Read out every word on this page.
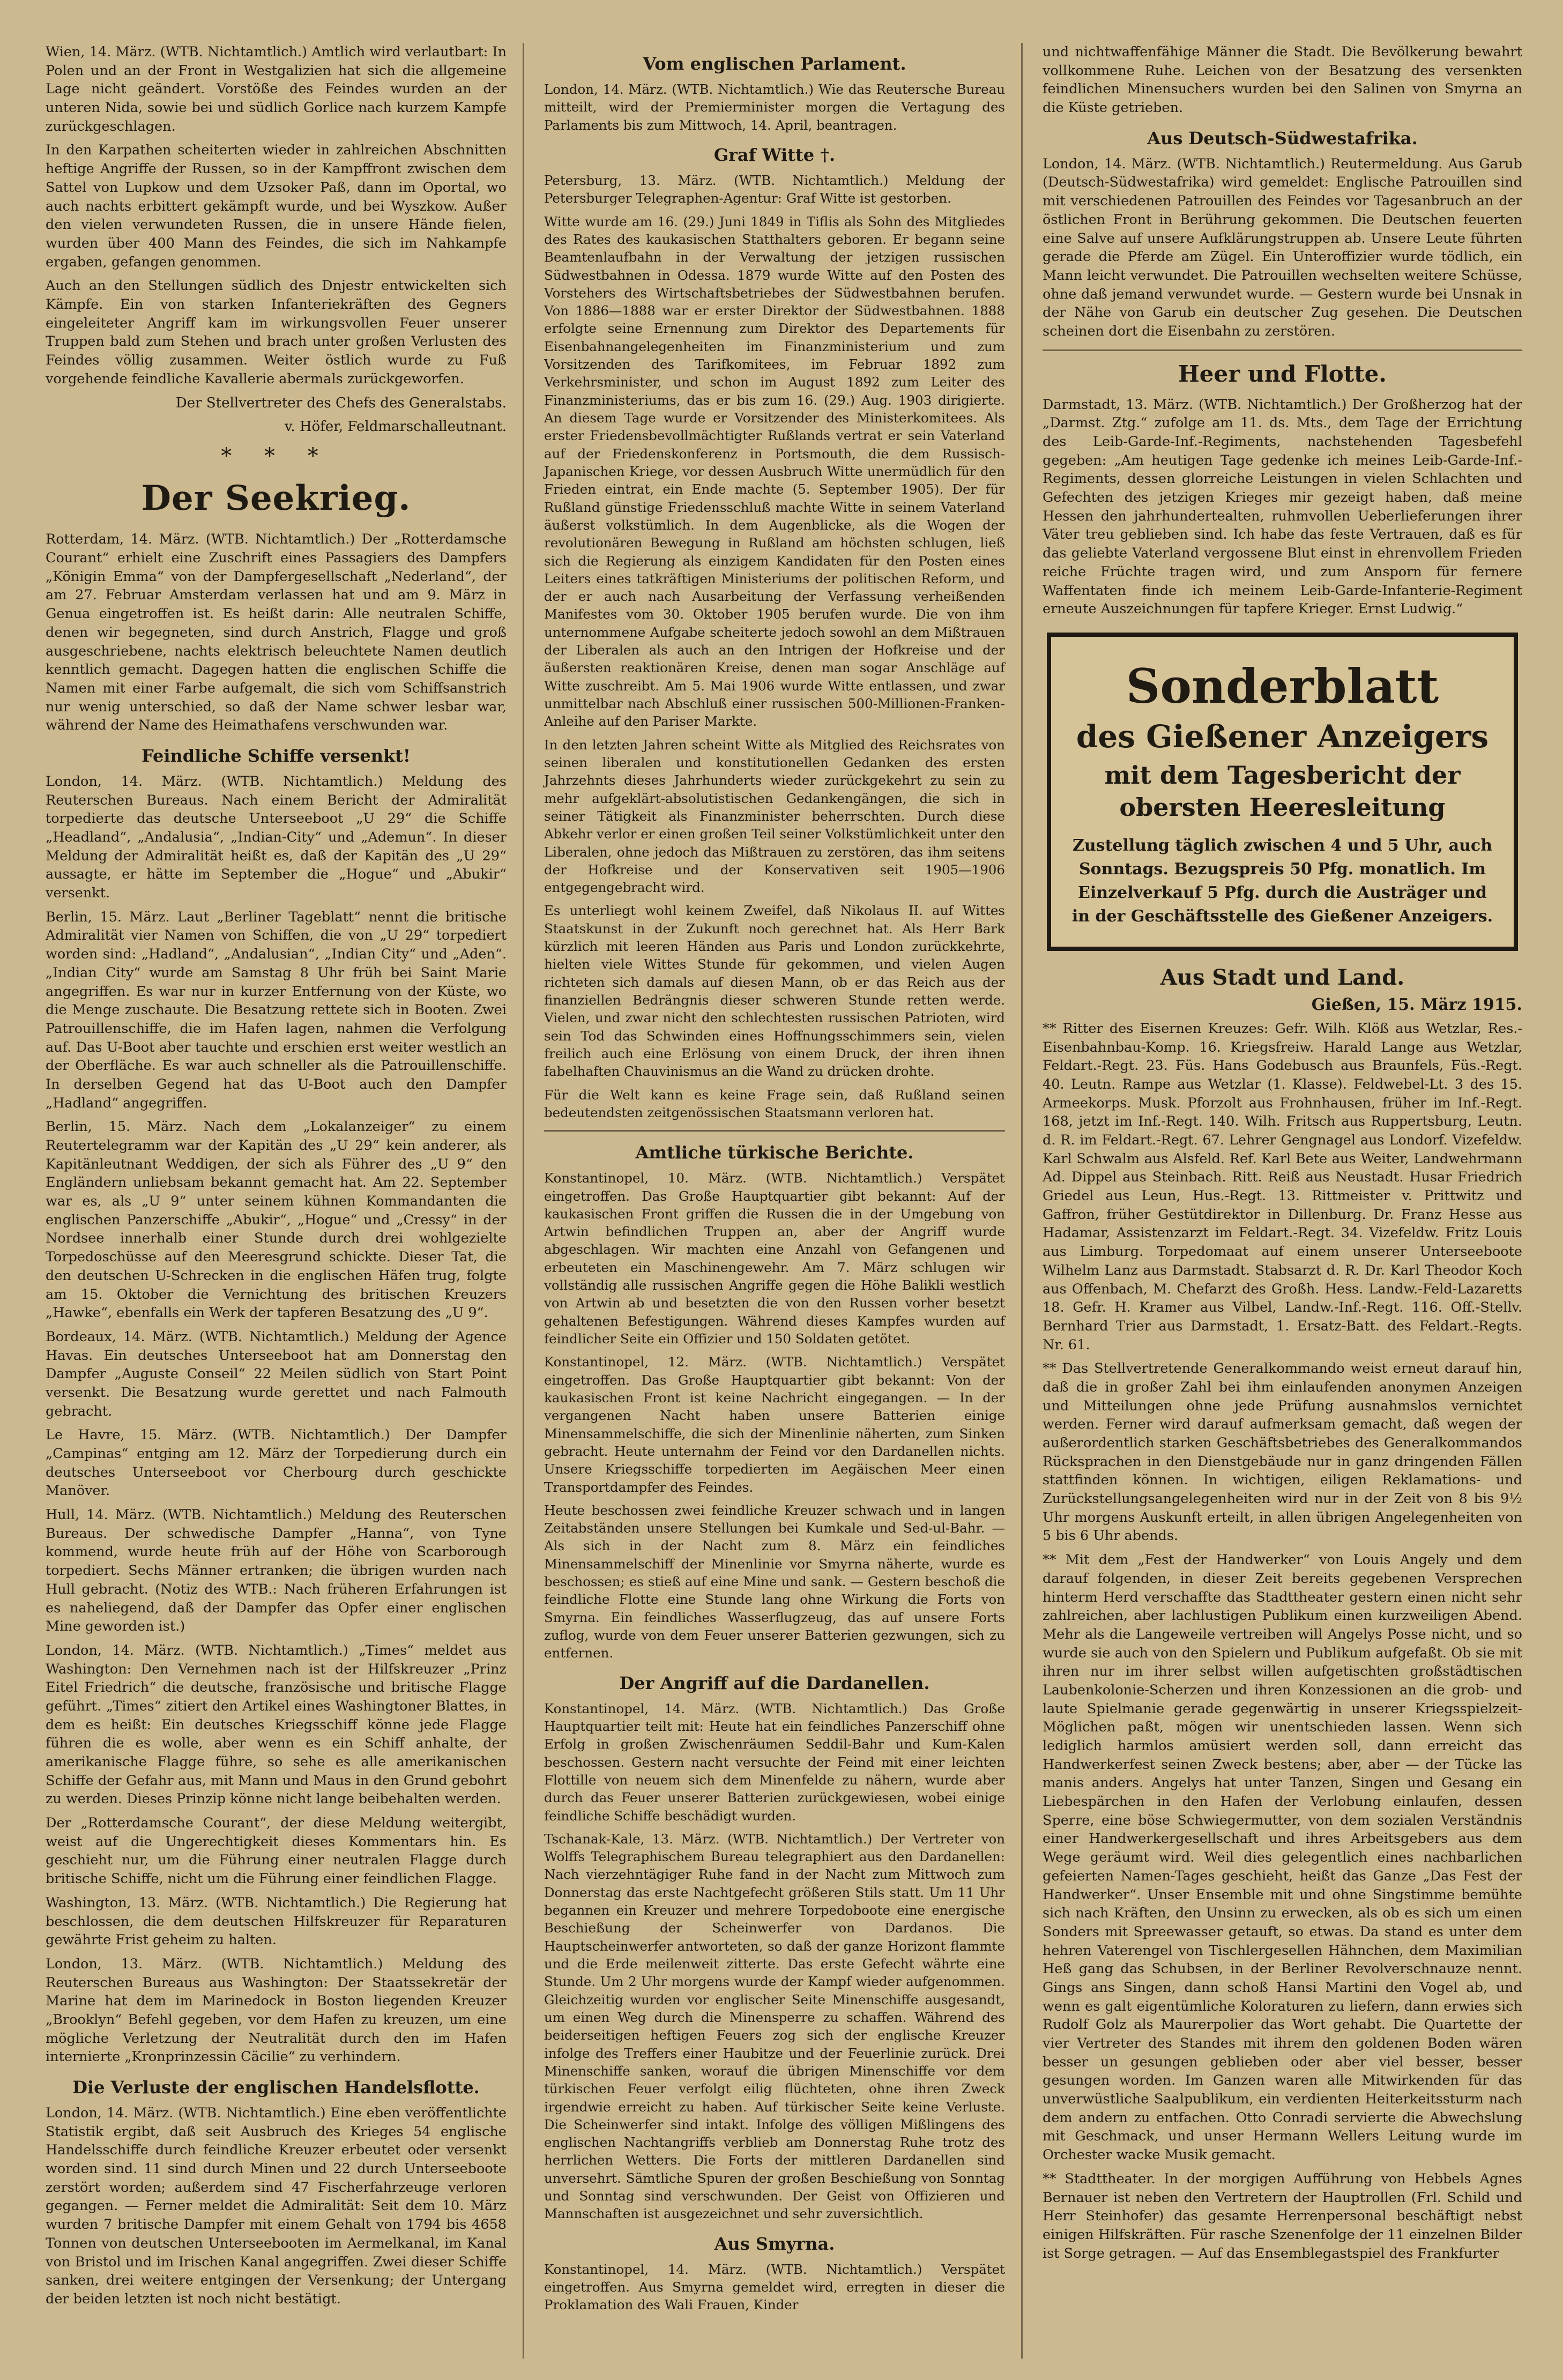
Wien, 14. März. (WTB. Nichtamtlich.) Amtlich wird verlautbart: In Polen und an der Front in Westgalizien hat sich die allgemeine Lage nicht geändert. Vorstöße des Feindes wurden an der unteren Nida, sowie bei und südlich Gorlice nach kurzem Kampfe zurückgeschlagen.

In den Karpathen scheiterten wieder in zahlreichen Abschnitten heftige Angriffe der Russen, so in der Kampffront zwischen dem Sattel von Lupkow und dem Uzsoker Paß, dann im Oportal, wo auch nachts erbittert gekämpft wurde, und bei Wyszkow. Außer den vielen verwundeten Russen, die in unsere Hände fielen, wurden über 400 Mann des Feindes, die sich im Nahkampfe ergaben, gefangen genommen.

Auch an den Stellungen südlich des Dnjestr entwickelten sich Kämpfe. Ein von starken Infanteriekräften des Gegners eingeleiteter Angriff kam im wirkungsvollen Feuer unserer Truppen bald zum Stehen und brach unter großen Verlusten des Feindes völlig zusammen. Weiter östlich wurde zu Fuß vorgehende feindliche Kavallerie abermals zurückgeworfen.

Der Stellvertreter des Chefs des Generalstabs.
v. Höfer, Feldmarschalleutnant.
* * *
Der Seekrieg.

Rotterdam, 14. März. (WTB. Nichtamtlich.) Der „Rotterdamsche Courant“ erhielt eine Zuschrift eines Passagiers des Dampfers „Königin Emma“ von der Dampfergesellschaft „Nederland“, der am 27. Februar Amsterdam verlassen hat und am 9. März in Genua eingetroffen ist. Es heißt darin: Alle neutralen Schiffe, denen wir begegneten, sind durch Anstrich, Flagge und groß ausgeschriebene, nachts elektrisch beleuchtete Namen deutlich kenntlich gemacht. Dagegen hatten die englischen Schiffe die Namen mit einer Farbe aufgemalt, die sich vom Schiffsanstrich nur wenig unterschied, so daß der Name schwer lesbar war, während der Name des Heimathafens verschwunden war.

Feindliche Schiffe versenkt!

London, 14. März. (WTB. Nichtamtlich.) Meldung des Reuterschen Bureaus. Nach einem Bericht der Admiralität torpedierte das deutsche Unterseeboot „U 29“ die Schiffe „Headland“, „Andalusia“, „Indian-City“ und „Ademun“. In dieser Meldung der Admiralität heißt es, daß der Kapitän des „U 29“ aussagte, er hätte im September die „Hogue“ und „Abukir“ versenkt.

Berlin, 15. März. Laut „Berliner Tageblatt“ nennt die britische Admiralität vier Namen von Schiffen, die von „U 29“ torpediert worden sind: „Hadland“, „Andalusian“, „Indian City“ und „Aden“. „Indian City“ wurde am Samstag 8 Uhr früh bei Saint Marie angegriffen. Es war nur in kurzer Entfernung von der Küste, wo die Menge zuschaute. Die Besatzung rettete sich in Booten. Zwei Patrouillenschiffe, die im Hafen lagen, nahmen die Verfolgung auf. Das U-Boot aber tauchte und erschien erst weiter westlich an der Oberfläche. Es war auch schneller als die Patrouillenschiffe. In derselben Gegend hat das U-Boot auch den Dampfer „Hadland“ angegriffen.

Berlin, 15. März. Nach dem „Lokalanzeiger“ zu einem Reutertelegramm war der Kapitän des „U 29“ kein anderer, als Kapitänleutnant Weddigen, der sich als Führer des „U 9“ den Engländern unliebsam bekannt gemacht hat. Am 22. September war es, als „U 9“ unter seinem kühnen Kommandanten die englischen Panzerschiffe „Abukir“, „Hogue“ und „Cressy“ in der Nordsee innerhalb einer Stunde durch drei wohlgezielte Torpedoschüsse auf den Meeresgrund schickte. Dieser Tat, die den deutschen U-Schrecken in die englischen Häfen trug, folgte am 15. Oktober die Vernichtung des britischen Kreuzers „Hawke“, ebenfalls ein Werk der tapferen Besatzung des „U 9“.

Bordeaux, 14. März. (WTB. Nichtamtlich.) Meldung der Agence Havas. Ein deutsches Unterseeboot hat am Donnerstag den Dampfer „Auguste Conseil“ 22 Meilen südlich von Start Point versenkt. Die Besatzung wurde gerettet und nach Falmouth gebracht.

Le Havre, 15. März. (WTB. Nichtamtlich.) Der Dampfer „Campinas“ entging am 12. März der Torpedierung durch ein deutsches Unterseeboot vor Cherbourg durch geschickte Manöver.

Hull, 14. März. (WTB. Nichtamtlich.) Meldung des Reuterschen Bureaus. Der schwedische Dampfer „Hanna“, von Tyne kommend, wurde heute früh auf der Höhe von Scarborough torpediert. Sechs Männer ertranken; die übrigen wurden nach Hull gebracht. (Notiz des WTB.: Nach früheren Erfahrungen ist es naheliegend, daß der Dampfer das Opfer einer englischen Mine geworden ist.)

London, 14. März. (WTB. Nichtamtlich.) „Times“ meldet aus Washington: Den Vernehmen nach ist der Hilfskreuzer „Prinz Eitel Friedrich“ die deutsche, französische und britische Flagge geführt. „Times“ zitiert den Artikel eines Washingtoner Blattes, in dem es heißt: Ein deutsches Kriegsschiff könne jede Flagge führen die es wolle, aber wenn es ein Schiff anhalte, der amerikanische Flagge führe, so sehe es alle amerikanischen Schiffe der Gefahr aus, mit Mann und Maus in den Grund gebohrt zu werden. Dieses Prinzip könne nicht lange beibehalten werden.

Der „Rotterdamsche Courant“, der diese Meldung weitergibt, weist auf die Ungerechtigkeit dieses Kommentars hin. Es geschieht nur, um die Führung einer neutralen Flagge durch britische Schiffe, nicht um die Führung einer feindlichen Flagge.

Washington, 13. März. (WTB. Nichtamtlich.) Die Regierung hat beschlossen, die dem deutschen Hilfskreuzer für Reparaturen gewährte Frist geheim zu halten.

London, 13. März. (WTB. Nichtamtlich.) Meldung des Reuterschen Bureaus aus Washington: Der Staatssekretär der Marine hat dem im Marinedock in Boston liegenden Kreuzer „Brooklyn“ Befehl gegeben, vor dem Hafen zu kreuzen, um eine mögliche Verletzung der Neutralität durch den im Hafen internierte „Kronprinzessin Cäcilie“ zu verhindern.

Die Verluste der englischen Handelsflotte.

London, 14. März. (WTB. Nichtamtlich.) Eine eben veröffentlichte Statistik ergibt, daß seit Ausbruch des Krieges 54 englische Handelsschiffe durch feindliche Kreuzer erbeutet oder versenkt worden sind. 11 sind durch Minen und 22 durch Unterseeboote zerstört worden; außerdem sind 47 Fischerfahrzeuge verloren gegangen. — Ferner meldet die Admiralität: Seit dem 10. März wurden 7 britische Dampfer mit einem Gehalt von 1794 bis 4658 Tonnen von deutschen Unterseebooten im Aermelkanal, im Kanal von Bristol und im Irischen Kanal angegriffen. Zwei dieser Schiffe sanken, drei weitere entgingen der Versenkung; der Untergang der beiden letzten ist noch nicht bestätigt.

Vom englischen Parlament.

London, 14. März. (WTB. Nichtamtlich.) Wie das Reutersche Bureau mitteilt, wird der Premierminister morgen die Vertagung des Parlaments bis zum Mittwoch, 14. April, beantragen.

Graf Witte †.

Petersburg, 13. März. (WTB. Nichtamtlich.) Meldung der Petersburger Telegraphen-Agentur: Graf Witte ist gestorben.

Witte wurde am 16. (29.) Juni 1849 in Tiflis als Sohn des Mitgliedes des Rates des kaukasischen Statthalters geboren. Er begann seine Beamtenlaufbahn in der Verwaltung der jetzigen russischen Südwestbahnen in Odessa. 1879 wurde Witte auf den Posten des Vorstehers des Wirtschaftsbetriebes der Südwestbahnen berufen. Von 1886—1888 war er erster Direktor der Südwestbahnen. 1888 erfolgte seine Ernennung zum Direktor des Departements für Eisenbahnangelegenheiten im Finanzministerium und zum Vorsitzenden des Tarifkomitees, im Februar 1892 zum Verkehrsminister, und schon im August 1892 zum Leiter des Finanzministeriums, das er bis zum 16. (29.) Aug. 1903 dirigierte. An diesem Tage wurde er Vorsitzender des Ministerkomitees. Als erster Friedensbevollmächtigter Rußlands vertrat er sein Vaterland auf der Friedenskonferenz in Portsmouth, die dem Russisch-Japanischen Kriege, vor dessen Ausbruch Witte unermüdlich für den Frieden eintrat, ein Ende machte (5. September 1905). Der für Rußland günstige Friedensschluß machte Witte in seinem Vaterland äußerst volkstümlich. In dem Augenblicke, als die Wogen der revolutionären Bewegung in Rußland am höchsten schlugen, ließ sich die Regierung als einzigem Kandidaten für den Posten eines Leiters eines tatkräftigen Ministeriums der politischen Reform, und der er auch nach Ausarbeitung der Verfassung verheißenden Manifestes vom 30. Oktober 1905 berufen wurde. Die von ihm unternommene Aufgabe scheiterte jedoch sowohl an dem Mißtrauen der Liberalen als auch an den Intrigen der Hofkreise und der äußersten reaktionären Kreise, denen man sogar Anschläge auf Witte zuschreibt. Am 5. Mai 1906 wurde Witte entlassen, und zwar unmittelbar nach Abschluß einer russischen 500-Millionen-Franken-Anleihe auf den Pariser Markte.

In den letzten Jahren scheint Witte als Mitglied des Reichsrates von seinen liberalen und konstitutionellen Gedanken des ersten Jahrzehnts dieses Jahrhunderts wieder zurückgekehrt zu sein zu mehr aufgeklärt-absolutistischen Gedankengängen, die sich in seiner Tätigkeit als Finanzminister beherrschten. Durch diese Abkehr verlor er einen großen Teil seiner Volkstümlichkeit unter den Liberalen, ohne jedoch das Mißtrauen zu zerstören, das ihm seitens der Hofkreise und der Konservativen seit 1905—1906 entgegengebracht wird.

Es unterliegt wohl keinem Zweifel, daß Nikolaus II. auf Wittes Staatskunst in der Zukunft noch gerechnet hat. Als Herr Bark kürzlich mit leeren Händen aus Paris und London zurückkehrte, hielten viele Wittes Stunde für gekommen, und vielen Augen richteten sich damals auf diesen Mann, ob er das Reich aus der finanziellen Bedrängnis dieser schweren Stunde retten werde. Vielen, und zwar nicht den schlechtesten russischen Patrioten, wird sein Tod das Schwinden eines Hoffnungsschimmers sein, vielen freilich auch eine Erlösung von einem Druck, der ihren ihnen fabelhaften Chauvinismus an die Wand zu drücken drohte.

Für die Welt kann es keine Frage sein, daß Rußland seinen bedeutendsten zeitgenössischen Staatsmann verloren hat.

Amtliche türkische Berichte.

Konstantinopel, 10. März. (WTB. Nichtamtlich.) Verspätet eingetroffen. Das Große Hauptquartier gibt bekannt: Auf der kaukasischen Front griffen die Russen die in der Umgebung von Artwin befindlichen Truppen an, aber der Angriff wurde abgeschlagen. Wir machten eine Anzahl von Gefangenen und erbeuteten ein Maschinengewehr. Am 7. März schlugen wir vollständig alle russischen Angriffe gegen die Höhe Balikli westlich von Artwin ab und besetzten die von den Russen vorher besetzt gehaltenen Befestigungen. Während dieses Kampfes wurden auf feindlicher Seite ein Offizier und 150 Soldaten getötet.

Konstantinopel, 12. März. (WTB. Nichtamtlich.) Verspätet eingetroffen. Das Große Hauptquartier gibt bekannt: Von der kaukasischen Front ist keine Nachricht eingegangen. — In der vergangenen Nacht haben unsere Batterien einige Minensammelschiffe, die sich der Minenlinie näherten, zum Sinken gebracht. Heute unternahm der Feind vor den Dardanellen nichts. Unsere Kriegsschiffe torpedierten im Aegäischen Meer einen Transportdampfer des Feindes.

Heute beschossen zwei feindliche Kreuzer schwach und in langen Zeitabständen unsere Stellungen bei Kumkale und Sed-ul-Bahr. — Als sich in der Nacht zum 8. März ein feindliches Minensammelschiff der Minenlinie vor Smyrna näherte, wurde es beschossen; es stieß auf eine Mine und sank. — Gestern beschoß die feindliche Flotte eine Stunde lang ohne Wirkung die Forts von Smyrna. Ein feindliches Wasserflugzeug, das auf unsere Forts zuflog, wurde von dem Feuer unserer Batterien gezwungen, sich zu entfernen.

Der Angriff auf die Dardanellen.

Konstantinopel, 14. März. (WTB. Nichtamtlich.) Das Große Hauptquartier teilt mit: Heute hat ein feindliches Panzerschiff ohne Erfolg in großen Zwischenräumen Seddil-Bahr und Kum-Kalen beschossen. Gestern nacht versuchte der Feind mit einer leichten Flottille von neuem sich dem Minenfelde zu nähern, wurde aber durch das Feuer unserer Batterien zurückgewiesen, wobei einige feindliche Schiffe beschädigt wurden.

Tschanak-Kale, 13. März. (WTB. Nichtamtlich.) Der Vertreter von Wolffs Telegraphischem Bureau telegraphiert aus den Dardanellen: Nach vierzehntägiger Ruhe fand in der Nacht zum Mittwoch zum Donnerstag das erste Nachtgefecht größeren Stils statt. Um 11 Uhr begannen ein Kreuzer und mehrere Torpedoboote eine energische Beschießung der Scheinwerfer von Dardanos. Die Hauptscheinwerfer antworteten, so daß der ganze Horizont flammte und die Erde meilenweit zitterte. Das erste Gefecht währte eine Stunde. Um 2 Uhr morgens wurde der Kampf wieder aufgenommen. Gleichzeitig wurden vor englischer Seite Minenschiffe ausgesandt, um einen Weg durch die Minensperre zu schaffen. Während des beiderseitigen heftigen Feuers zog sich der englische Kreuzer infolge des Treffers einer Haubitze und der Feuerlinie zurück. Drei Minenschiffe sanken, worauf die übrigen Minenschiffe vor dem türkischen Feuer verfolgt eilig flüchteten, ohne ihren Zweck irgendwie erreicht zu haben. Auf türkischer Seite keine Verluste. Die Scheinwerfer sind intakt. Infolge des völligen Mißlingens des englischen Nachtangriffs verblieb am Donnerstag Ruhe trotz des herrlichen Wetters. Die Forts der mittleren Dardanellen sind unversehrt. Sämtliche Spuren der großen Beschießung von Sonntag und Sonntag sind verschwunden. Der Geist von Offizieren und Mannschaften ist ausgezeichnet und sehr zuversichtlich.

Aus Smyrna.

Konstantinopel, 14. März. (WTB. Nichtamtlich.) Verspätet eingetroffen. Aus Smyrna gemeldet wird, erregten in dieser die Proklamation des Wali Frauen, Kinder

und nichtwaffenfähige Männer die Stadt. Die Bevölkerung bewahrt vollkommene Ruhe. Leichen von der Besatzung des versenkten feindlichen Minensuchers wurden bei den Salinen von Smyrna an die Küste getrieben.

Aus Deutsch-Südwestafrika.

London, 14. März. (WTB. Nichtamtlich.) Reutermeldung. Aus Garub (Deutsch-Südwestafrika) wird gemeldet: Englische Patrouillen sind mit verschiedenen Patrouillen des Feindes vor Tagesanbruch an der östlichen Front in Berührung gekommen. Die Deutschen feuerten eine Salve auf unsere Aufklärungstruppen ab. Unsere Leute führten gerade die Pferde am Zügel. Ein Unteroffizier wurde tödlich, ein Mann leicht verwundet. Die Patrouillen wechselten weitere Schüsse, ohne daß jemand verwundet wurde. — Gestern wurde bei Unsnak in der Nähe von Garub ein deutscher Zug gesehen. Die Deutschen scheinen dort die Eisenbahn zu zerstören.

Heer und Flotte.

Darmstadt, 13. März. (WTB. Nichtamtlich.) Der Großherzog hat der „Darmst. Ztg.“ zufolge am 11. ds. Mts., dem Tage der Errichtung des Leib-Garde-Inf.-Regiments, nachstehenden Tagesbefehl gegeben: „Am heutigen Tage gedenke ich meines Leib-Garde-Inf.-Regiments, dessen glorreiche Leistungen in vielen Schlachten und Gefechten des jetzigen Krieges mir gezeigt haben, daß meine Hessen den jahrhundertealten, ruhmvollen Ueberlieferungen ihrer Väter treu geblieben sind. Ich habe das feste Vertrauen, daß es für das geliebte Vaterland vergossene Blut einst in ehrenvollem Frieden reiche Früchte tragen wird, und zum Ansporn für fernere Waffentaten finde ich meinem Leib-Garde-Infanterie-Regiment erneute Auszeichnungen für tapfere Krieger. Ernst Ludwig.“

Sonderblatt
des Gießener Anzeigers
mit dem Tagesbericht der obersten Heeresleitung
Zustellung täglich zwischen 4 und 5 Uhr, auch Sonntags. Bezugspreis 50 Pfg. monatlich. Im Einzelverkauf 5 Pfg. durch die Austräger und in der Geschäftsstelle des Gießener Anzeigers.
Aus Stadt und Land.
Gießen, 15. März 1915.

** Ritter des Eisernen Kreuzes: Gefr. Wilh. Klöß aus Wetzlar, Res.-Eisenbahnbau-Komp. 16. Kriegsfreiw. Harald Lange aus Wetzlar, Feldart.-Regt. 23. Füs. Hans Godebusch aus Braunfels, Füs.-Regt. 40. Leutn. Rampe aus Wetzlar (1. Klasse). Feldwebel-Lt. 3 des 15. Armeekorps. Musk. Pforzolt aus Frohnhausen, früher im Inf.-Regt. 168, jetzt im Inf.-Regt. 140. Wilh. Fritsch aus Ruppertsburg, Leutn. d. R. im Feldart.-Regt. 67. Lehrer Gengnagel aus Londorf. Vizefeldw. Karl Schwalm aus Alsfeld. Ref. Karl Bete aus Weiter, Landwehrmann Ad. Dippel aus Steinbach. Ritt. Reiß aus Neustadt. Husar Friedrich Griedel aus Leun, Hus.-Regt. 13. Rittmeister v. Prittwitz und Gaffron, früher Gestütdirektor in Dillenburg. Dr. Franz Hesse aus Hadamar, Assistenzarzt im Feldart.-Regt. 34. Vizefeldw. Fritz Louis aus Limburg. Torpedomaat auf einem unserer Unterseeboote Wilhelm Lanz aus Darmstadt. Stabsarzt d. R. Dr. Karl Theodor Koch aus Offenbach, M. Chefarzt des Großh. Hess. Landw.-Feld-Lazaretts 18. Gefr. H. Kramer aus Vilbel, Landw.-Inf.-Regt. 116. Off.-Stellv. Bernhard Trier aus Darmstadt, 1. Ersatz-Batt. des Feldart.-Regts. Nr. 61.

** Das Stellvertretende Generalkommando weist erneut darauf hin, daß die in großer Zahl bei ihm einlaufenden anonymen Anzeigen und Mitteilungen ohne jede Prüfung ausnahmslos vernichtet werden. Ferner wird darauf aufmerksam gemacht, daß wegen der außerordentlich starken Geschäftsbetriebes des Generalkommandos Rücksprachen in den Dienstgebäude nur in ganz dringenden Fällen stattfinden können. In wichtigen, eiligen Reklamations- und Zurückstellungsangelegenheiten wird nur in der Zeit von 8 bis 9½ Uhr morgens Auskunft erteilt, in allen übrigen Angelegenheiten von 5 bis 6 Uhr abends.

** Mit dem „Fest der Handwerker“ von Louis Angely und dem darauf folgenden, in dieser Zeit bereits gegebenen Versprechen hinterm Herd verschaffte das Stadttheater gestern einen nicht sehr zahlreichen, aber lachlustigen Publikum einen kurzweiligen Abend. Mehr als die Langeweile vertreiben will Angelys Posse nicht, und so wurde sie auch von den Spielern und Publikum aufgefaßt. Ob sie mit ihren nur im ihrer selbst willen aufgetischten großstädtischen Laubenkolonie-Scherzen und ihren Konzessionen an die grob- und laute Spielmanie gerade gegenwärtig in unserer Kriegsspielzeit-Möglichen paßt, mögen wir unentschieden lassen. Wenn sich lediglich harmlos amüsiert werden soll, dann erreicht das Handwerkerfest seinen Zweck bestens; aber, aber — der Tücke las manis anders. Angelys hat unter Tanzen, Singen und Gesang ein Liebespärchen in den Hafen der Verlobung einlaufen, dessen Sperre, eine böse Schwiegermutter, von dem sozialen Verständnis einer Handwerkergesellschaft und ihres Arbeitsgebers aus dem Wege geräumt wird. Weil dies gelegentlich eines nachbarlichen gefeierten Namen-Tages geschieht, heißt das Ganze „Das Fest der Handwerker“. Unser Ensemble mit und ohne Singstimme bemühte sich nach Kräften, den Unsinn zu erwecken, als ob es sich um einen Sonders mit Spreewasser getauft, so etwas. Da stand es unter dem hehren Vaterengel von Tischlergesellen Hähnchen, dem Maximilian Heß gang das Schubsen, in der Berliner Revolverschnauze nennt. Gings ans Singen, dann schoß Hansi Martini den Vogel ab, und wenn es galt eigentümliche Koloraturen zu liefern, dann erwies sich Rudolf Golz als Maurerpolier das Wort gehabt. Die Quartette der vier Vertreter des Standes mit ihrem den goldenen Boden wären besser un gesungen geblieben oder aber viel besser, besser gesungen worden. Im Ganzen waren alle Mitwirkenden für das unverwüstliche Saalpublikum, ein verdienten Heiterkeitssturm nach dem andern zu entfachen. Otto Conradi servierte die Abwechslung mit Geschmack, und unser Hermann Wellers Leitung wurde im Orchester wacke Musik gemacht.

** Stadttheater. In der morgigen Aufführung von Hebbels Agnes Bernauer ist neben den Vertretern der Hauptrollen (Frl. Schild und Herr Steinhofer) das gesamte Herrenpersonal beschäftigt nebst einigen Hilfskräften. Für rasche Szenenfolge der 11 einzelnen Bilder ist Sorge getragen. — Auf das Ensemblegastspiel des Frankfurter
